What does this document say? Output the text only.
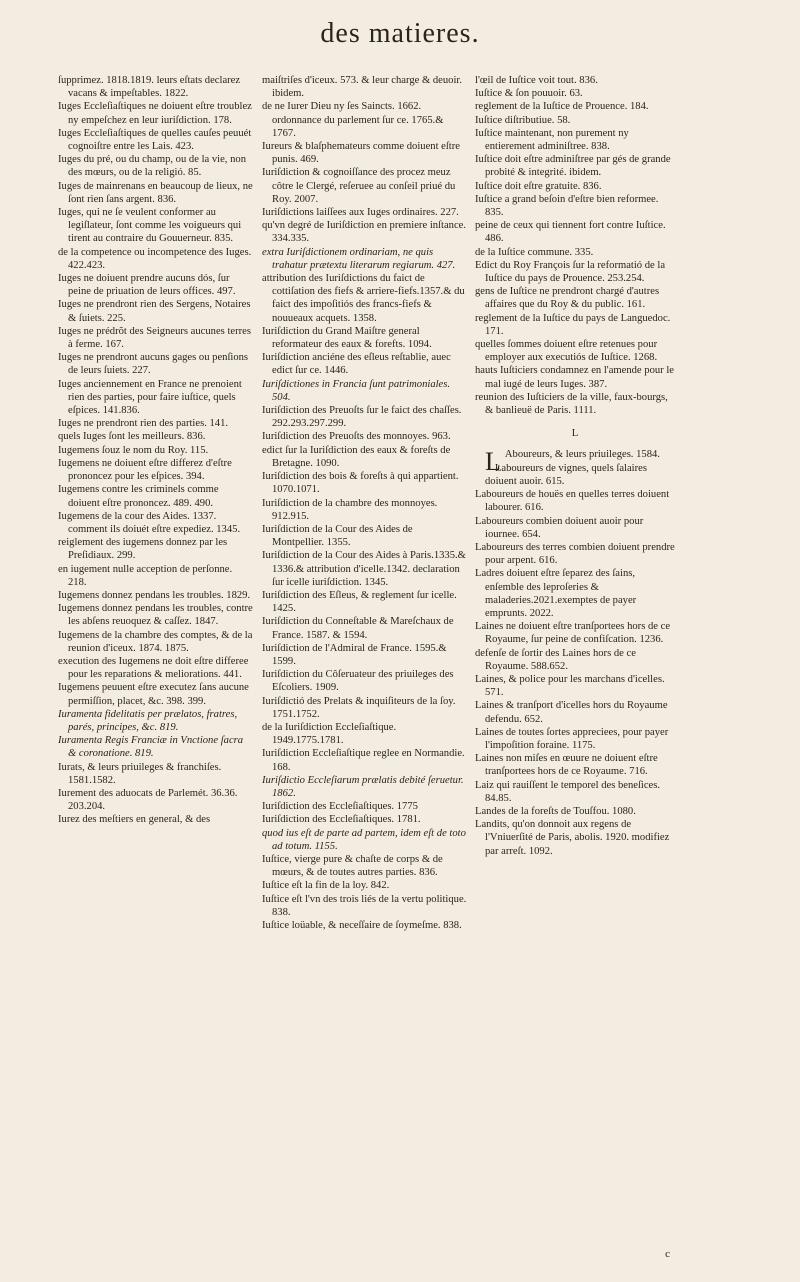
des matieres.

ſupprimez. 1818.1819. leurs eſtats declarez vacans & impeſtables. 1822.

Iuges Eccleſiaſtiques ne doiuent eſtre troublez ny empeſchez en leur iuriſdiction. 178.

Iuges Eccleſiaſtiques de quelles cauſes peuuét cognoiſtre entre les Lais. 423.

Iuges du pré, ou du champ, ou de la vie, non des mœurs, ou de la religió. 85.

Iuges de mainrenans en beaucoup de lieux, ne ſont rien ſans argent. 836.

Iuges, qui ne ſe veulent conformer au legiſlateur, ſont comme les voigueurs qui tirent au contraire du Gouuerneur. 835.

de la competence ou incompetence des Iuges. 422.423.

Iuges ne doiuent prendre aucuns dós, ſur peine de priuation de leurs offices. 497.

Iuges ne prendront rien des Sergens, Notaires & ſuiets. 225.

Iuges ne prédrõt des Seigneurs aucunes terres à ferme. 167.

Iuges ne prendront aucuns gages ou penſions de leurs ſuiets. 227.

Iuges anciennement en France ne prenoient rien des parties, pour faire iuſtice, quels eſpices. 141.836.

Iuges ne prendront rien des parties. 141.

quels Iuges ſont les meilleurs. 836.

Iugemens ſouz le nom du Roy. 115.

Iugemens ne doiuent eſtre differez d'eſtre prononcez pour les eſpices. 394.

Iugemens contre les criminels comme doiuent eſtre prononcez. 489. 490.

Iugemens de la cour des Aides. 1337. comment ils doiuét eſtre expediez. 1345.

reiglement des iugemens donnez par les Preſidiaux. 299.

en iugement nulle acception de perſonne. 218.

Iugemens donnez pendans les troubles. 1829.

Iugemens donnez pendans les troubles, contre les abſens reuoquez & caſſez. 1847.

Iugemens de la chambre des comptes, & de la reunion d'iceux. 1874. 1875.

execution des Iugemens ne doit eſtre differee pour les reparations & meliorations. 441.

Iugemens peuuent eſtre executez ſans aucune permiſſion, placet, &c. 398. 399.

Iuramenta fidelitatis per prælatos, fratres, parés, principes, &c. 819.

Iuramenta Regis Franciæ in Vnctione ſacra & coronatione. 819.

Iurats, & leurs priuileges & franchiſes. 1581.1582.

Iurement des aduocats de Parlemét. 36.36. 203.204.

Iurez des meſtiers en general, & des

maiſtriſes d'iceux. 573. & leur charge & deuoir. ibidem.

de ne Iurer Dieu ny ſes Saincts. 1662. ordonnance du parlement ſur ce. 1765.& 1767.

Iureurs & blaſphemateurs comme doiuent eſtre punis. 469.

Iuriſdiction & cognoiſſance des procez meuz côtre le Clergé, reſeruee au conſeil priué du Roy. 2007.

Iuriſdictions laiſſees aux Iuges ordinaires. 227.

qu'vn degré de Iuriſdiction en premiere inſtance. 334.335.

extra Iuriſdictionem ordinariam, ne quis trahatur prætextu literarum regiarum. 427.

attribution des Iuriſdictions du faict de cottiſation des fiefs & arriere-fiefs.1357.& du faict des impoſitiós des francs-fiefs & nouueaux acquets. 1358.

Iuriſdiction du Grand Maiſtre general reformateur des eaux & forefts. 1094.

Iuriſdiction anciéne des eſleus reſtablie, auec edict ſur ce. 1446.

Iuriſdictiones in Francia ſunt patrimoniales. 504.

Iuriſdiction des Preuoſts ſur le faict des chaſſes. 292.293.297.299.

Iuriſdiction des Preuoſts des monnoyes. 963.

edict ſur la Iuriſdiction des eaux & foreſts de Bretagne. 1090.

Iuriſdiction des bois & foreſts à qui appartient. 1070.1071.

Iuriſdiction de la chambre des monnoyes. 912.915.

Iuriſdiction de la Cour des Aides de Montpellier. 1355.

Iuriſdiction de la Cour des Aides à Paris.1335.& 1336.& attribution d'icelle.1342. declaration ſur icelle iuriſdiction. 1345.

Iuriſdiction des Eſleus, & reglement ſur icelle. 1425.

Iuriſdiction du Conneſtable & Mareſchaux de France. 1587. & 1594.

Iuriſdiction de l'Admiral de France. 1595.& 1599.

Iuriſdiction du Côſeruateur des priuileges des Eſcoliers. 1909.

Iuriſdictió des Prelats & inquiſiteurs de la ſoy. 1751.1752.

de la Iuriſdiction Eccleſiaſtique. 1949.1775.1781.

Iuriſdiction Eccleſiaſtique reglee en Normandie. 168.

Iuriſdictio Eccleſiarum prælatis debité ſeruetur. 1862.

Iuriſdiction des Eccleſiaſtiques. 1775

Iuriſdiction des Eccleſiaſtiques. 1781.

quod ius eſt de parte ad partem, idem eſt de toto ad totum. 1155.

Iuſtice, vierge pure & chaſte de corps & de mœurs, & de toutes autres parties. 836.

Iuſtice eſt la fin de la loy. 842.

Iuſtice eſt l'vn des trois liés de la vertu politique. 838.

Iuſtice loüable, & neceſſaire de ſoymeſme. 838.

l'œil de Iuſtice voit tout. 836.

Iuſtice & ſon pouuoir. 63.

reglement de la Iuſtice de Prouence. 184.

Iuſtice diſtributiue. 58.

Iuſtice maintenant, non purement ny entierement adminiſtree. 838.

Iuſtice doit eſtre adminiſtree par gés de grande probité & integrité. ibidem.

Iuſtice doit eſtre gratuite. 836.

Iuſtice a grand beſoin d'eſtre bien reformee. 835.

peine de ceux qui tiennent fort contre Iuſtice. 486.

de la Iuſtice commune. 335.

Edict du Roy François ſur la reformatió de la Iuſtice du pays de Prouence. 253.254.

gens de Iuſtice ne prendront chargé d'autres affaires que du Roy & du public. 161.

reglement de la Iuſtice du pays de Languedoc. 171.

quelles ſommes doiuent eſtre retenues pour employer aux executiós de Iuſtice. 1268.

hauts Iuſticiers condamnez en l'amende pour le mal iugé de leurs Iuges. 387.

reunion des Iuſticiers de la ville, faux-bourgs, & banlieuë de Paris. 1111.

L

L Aboureurs, & leurs priuileges. 1584.

Laboureurs de vignes, quels ſalaires doiuent auoir. 615.

Laboureurs de houës en quelles terres doiuent labourer. 616.

Laboureurs combien doiuent auoir pour iournee. 654.

Laboureurs des terres combien doiuent prendre pour arpent. 616.

Ladres doiuent eſtre ſeparez des ſains, enſemble des leproſeries & maladeries.2021.exemptes de payer emprunts. 2022.

Laines ne doiuent eſtre tranſportees hors de ce Royaume, ſur peine de confiſcation. 1236.

defenſe de ſortir des Laines hors de ce Royaume. 588.652.

Laines, & police pour les marchans d'icelles. 571.

Laines & tranſport d'icelles hors du Royaume defendu. 652.

Laines de toutes ſortes appreciees, pour payer l'impoſition foraine. 1175.

Laines non miſes en œuure ne doiuent eſtre tranſportees hors de ce Royaume. 716.

Laiz qui rauiſſent le temporel des beneſices. 84.85.

Landes de la foreſts de Touſfou. 1080.

Landits, qu'on donnoit aux regens de l'Vniuerſité de Paris, abolis. 1920. modifiez par arreſt. 1092.

c
